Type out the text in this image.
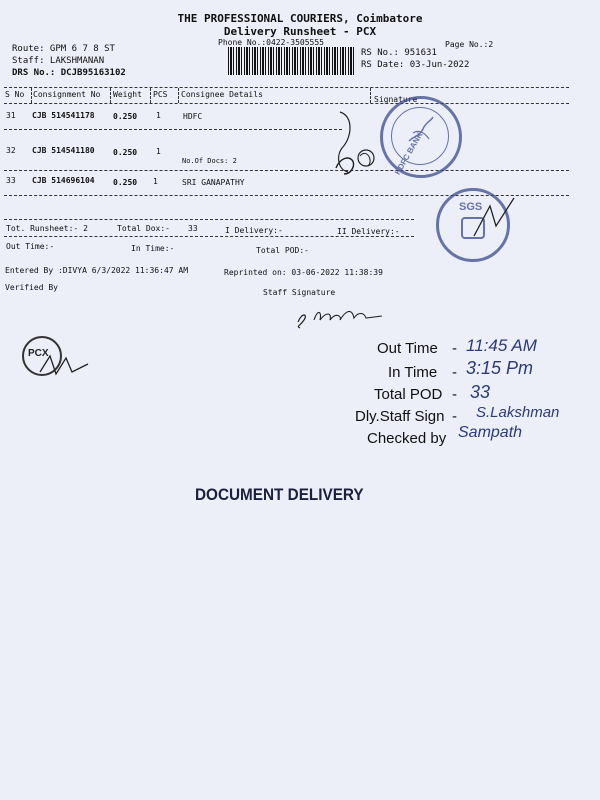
THE PROFESSIONAL COURIERS, Coimbatore
Delivery Runsheet - PCX
Phone No.:0422-3505555	Page No.:2
Route: GPM 6 7 8 ST
Staff: LAKSHMANAN
DRS No.: DCJB95163102
RS No.: 951631
RS Date: 03-Jun-2022
S No Consignment No Weight PCS Consignee Details
Signature
31 CJB 514541178 0.250 1	HDFC
32 CJB 514541180 0.250 1
No.Of Docs: 2
33 CJB 514696104 0.250 1	SRI GANAPATHY
HDFC BANK
Tot. Runsheet:- 2	Total Dox:- 33	I Delivery:-	II Delivery:-
Out Time:-	In Time:-	Total POD:-
SGS
Entered By :DIVYA 6/3/2022 11:36:47 AM	Reprinted on: 03-06-2022 11:38:39
Verified By
Staff Signature
PCX	Out Time - 11:45 AM
In Time - 3:15 Pm
Total POD - 33
Dly.Staff Sign - S.Lakshman
Checked by Sampath
DOCUMENT DELIVERY
